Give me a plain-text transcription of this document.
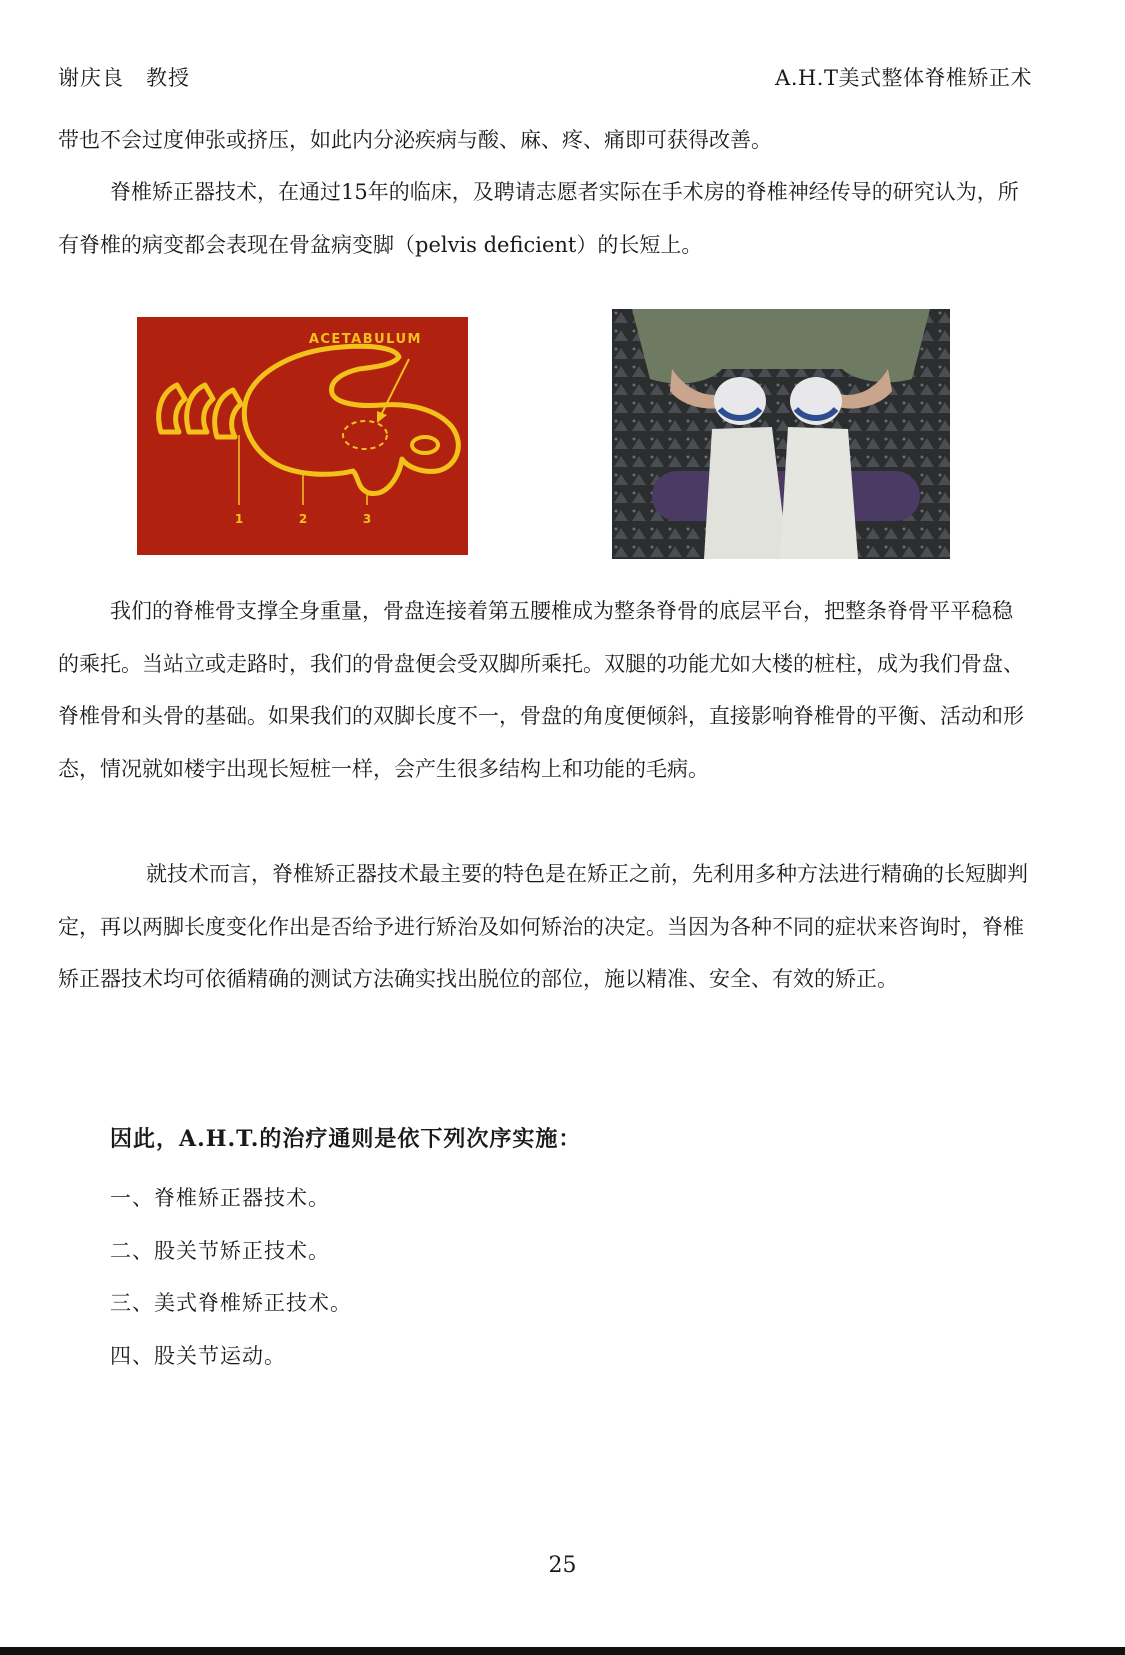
谢庆良　教授	A.H.T美式整体脊椎矫正术

带也不会过度伸张或挤压，如此内分泌疾病与酸、麻、疼、痛即可获得改善。

脊椎矫正器技术，在通过15年的临床，及聘请志愿者实际在手术房的脊椎神经传导的研究认为，所有脊椎的病变都会表现在骨盆病变脚（pelvis deficient）的长短上。

ACETABULUM
1	2	3

我们的脊椎骨支撑全身重量，骨盘连接着第五腰椎成为整条脊骨的底层平台，把整条脊骨平平稳稳的乘托。当站立或走路时，我们的骨盘便会受双脚所乘托。双腿的功能尤如大楼的桩柱，成为我们骨盘、脊椎骨和头骨的基础。如果我们的双脚长度不一，骨盘的角度便倾斜，直接影响脊椎骨的平衡、活动和形态，情况就如楼宇出现长短桩一样，会产生很多结构上和功能的毛病。

就技术而言，脊椎矫正器技术最主要的特色是在矫正之前，先利用多种方法进行精确的长短脚判定，再以两脚长度变化作出是否给予进行矫治及如何矫治的决定。当因为各种不同的症状来咨询时，脊椎矫正器技术均可依循精确的测试方法确实找出脱位的部位，施以精准、安全、有效的矫正。

因此，A.H.T.的治疗通则是依下列次序实施：
一、脊椎矫正器技术。
二、股关节矫正技术。
三、美式脊椎矫正技术。
四、股关节运动。
25
